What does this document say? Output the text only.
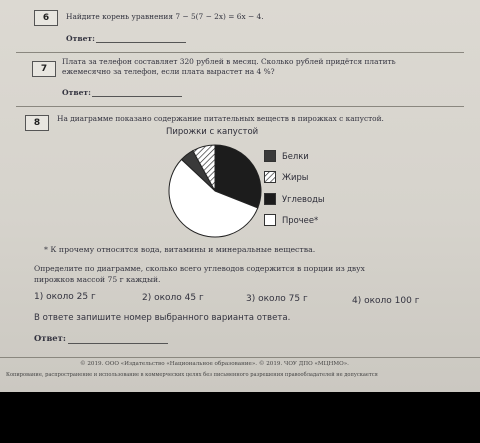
6	Найдите корень уравнения 7 − 5(7 − 2x) = 6x − 4.
Ответ:
7
Плата за телефон составляет 320 рублей в месяц. Сколько рублей придётся платить
ежемесячно за телефон, если плата вырастет на 4 %?
Ответ:
8	На диаграмме показано содержание питательных веществ в пирожках с капустой.
Пирожки с капустой
Белки
Жиры
Углеводы
Прочее*
* К прочему относятся вода, витамины и минеральные вещества.
Определите по диаграмме, сколько всего углеводов содержится в порции из двух
пирожков массой 75 г каждый.
1) около 25 г	2) около 45 г	3) около 75 г	4) около 100 г
В ответе запишите номер выбранного варианта ответа.
Ответ:
© 2019. ООО «Издательство «Национальное образование». © 2019. ЧОУ ДПО «МЦНМО».
Копирование, распространение и использование в коммерческих целях без письменного разрешения правообладателей не допускается
